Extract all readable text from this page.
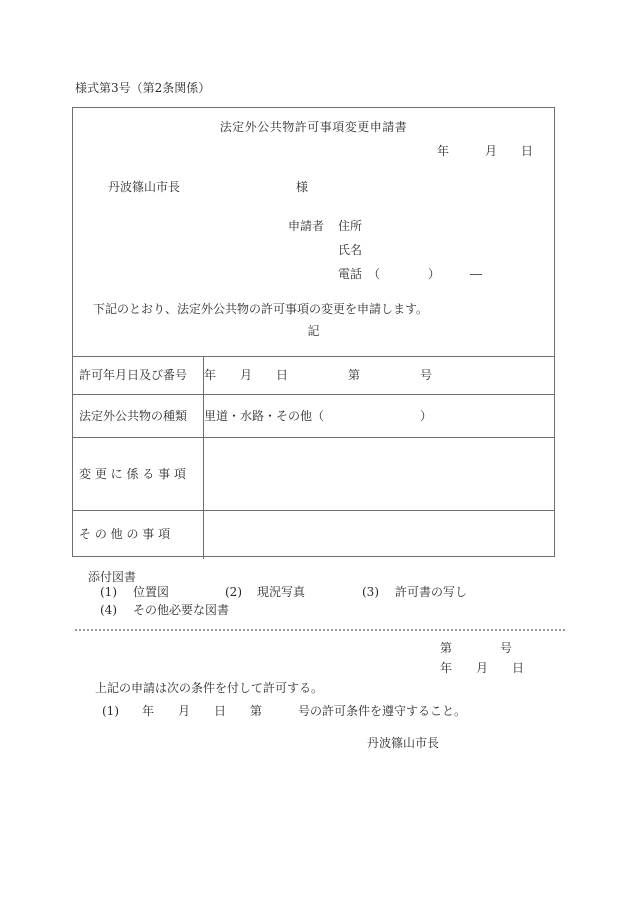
様式第3号（第2条関係）
法定外公共物許可事項変更申請書
年　　　月　　日
丹波篠山市長	様
申請者 住所
氏名
電話　（　　　　）　　　―
下記のとおり、法定外公共物の許可事項の変更を申請します。
記
許可年月日及び番号	年　　月　　日　　　　　第　　　　　号
法定外公共物の種類	里道・水路・その他（　　　　　　　　）
変 更 に 係 る 事 項	
そ の 他 の 事 項	
添付図書
(1) 位置図	(2) 現況写真	(3) 許可書の写し
(4) その他必要な図書
第　　　　号
年　　月　　日
上記の申請は次の条件を付して許可する。
(1) 年　　月　　日　　第　　　号の許可条件を遵守すること。
丹波篠山市長
